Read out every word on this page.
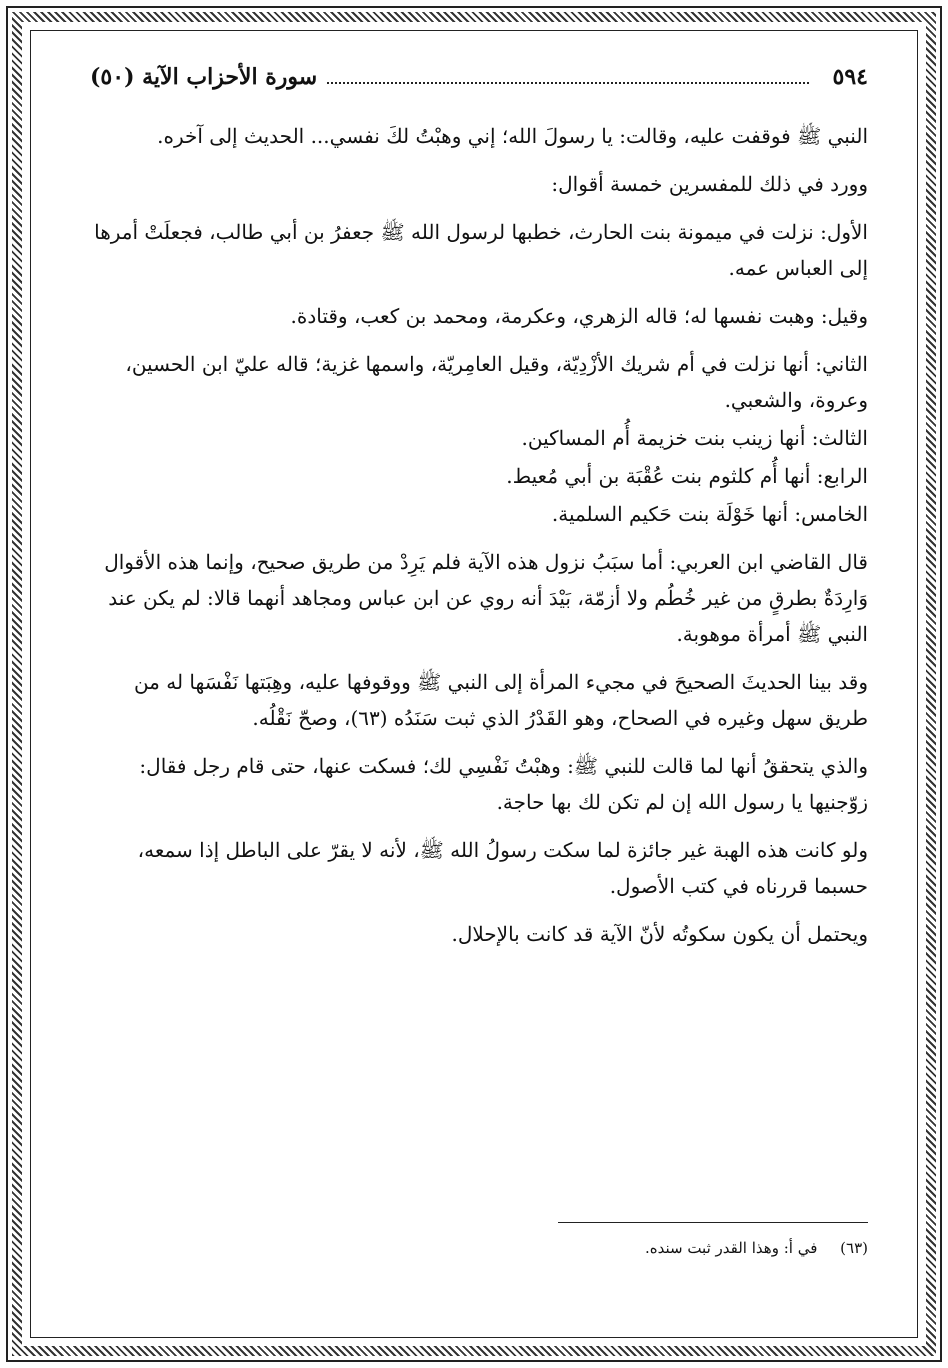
٥٩٤
سورة الأحزاب الآية (٥٠)

النبي ﷺ فوقفت عليه، وقالت: يا رسولَ الله؛ إني وهبْتُ لكَ نفسي... الحديث إلى آخره.

وورد في ذلك للمفسرين خمسة أقوال:

الأول: نزلت في ميمونة بنت الحارث، خطبها لرسول الله ﷺ جعفرُ بن أبي طالب، فجعلَتْ أمرها إلى العباس عمه.

وقيل: وهبت نفسها له؛ قاله الزهري، وعكرمة، ومحمد بن كعب، وقتادة.

الثاني: أنها نزلت في أم شريك الأزْدِيّة، وقيل العامِريّة، واسمها غزية؛ قاله عليّ ابن الحسين، وعروة، والشعبي.

الثالث: أنها زينب بنت خزيمة أُم المساكين.

الرابع: أنها أُم كلثوم بنت عُقْبَة بن أبي مُعيط.

الخامس: أنها خَوْلَة بنت حَكيم السلمية.

قال القاضي ابن العربي: أما سبَبُ نزول هذه الآية فلم يَرِدْ من طريق صحيح، وإنما هذه الأقوال وَارِدَةٌ بطرقٍ من غير خُطُم ولا أزمّة، بَيْدَ أنه روي عن ابن عباس ومجاهد أنهما قالا: لم يكن عند النبي ﷺ أمرأة موهوبة.

وقد بينا الحديثَ الصحيحَ في مجيء المرأة إلى النبي ﷺ ووقوفها عليه، وهِبَتها نَفْسَها له من طريق سهل وغيره في الصحاح، وهو القَدْرُ الذي ثبت سَنَدُه (٦٣)، وصحّ نَقْلُه.

والذي يتحققُ أنها لما قالت للنبي ﷺ: وهبْتُ نَفْسِي لك؛ فسكت عنها، حتى قام رجل فقال: زوّجنيها يا رسول الله إن لم تكن لك بها حاجة.

ولو كانت هذه الهبة غير جائزة لما سكت رسولُ الله ﷺ، لأنه لا يقرّ على الباطل إذا سمعه، حسبما قررناه في كتب الأصول.

ويحتمل أن يكون سكوتُه لأنّ الآية قد كانت بالإحلال.

(٦٣) في أ: وهذا القدر ثبت سنده.
